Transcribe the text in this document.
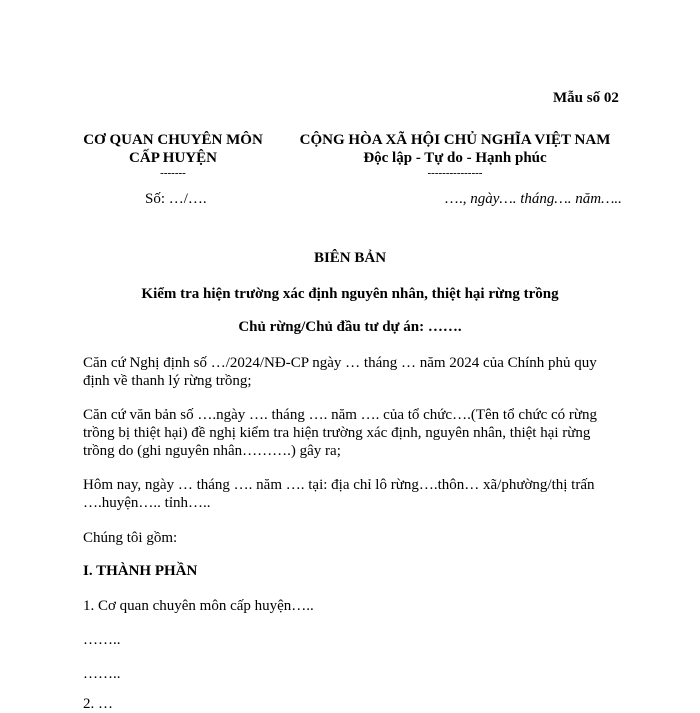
Mẫu số 02
CƠ QUAN CHUYÊN MÔN
CẤP HUYỆN
-------
Số: …/….
CỘNG HÒA XÃ HỘI CHỦ NGHĨA VIỆT NAM
Độc lập - Tự do - Hạnh phúc
---------------
…., ngày…. tháng…. năm…..
BIÊN BẢN
Kiểm tra hiện trường xác định nguyên nhân, thiệt hại rừng trồng
Chủ rừng/Chủ đầu tư dự án: …….
Căn cứ Nghị định số …/2024/NĐ-CP ngày … tháng … năm 2024 của Chính phủ quy định về thanh lý rừng trồng;
Căn cứ văn bản số ….ngày …. tháng …. năm …. của tổ chức….(Tên tổ chức có rừng trồng bị thiệt hại) đề nghị kiểm tra hiện trường xác định, nguyên nhân, thiệt hại rừng trồng do (ghi nguyên nhân……….) gây ra;
Hôm nay, ngày … tháng …. năm …. tại: địa chỉ lô rừng….thôn… xã/phường/thị trấn ….huyện….. tỉnh…..
Chúng tôi gồm:
I. THÀNH PHẦN
1. Cơ quan chuyên môn cấp huyện…..
……..
……..
2. …
